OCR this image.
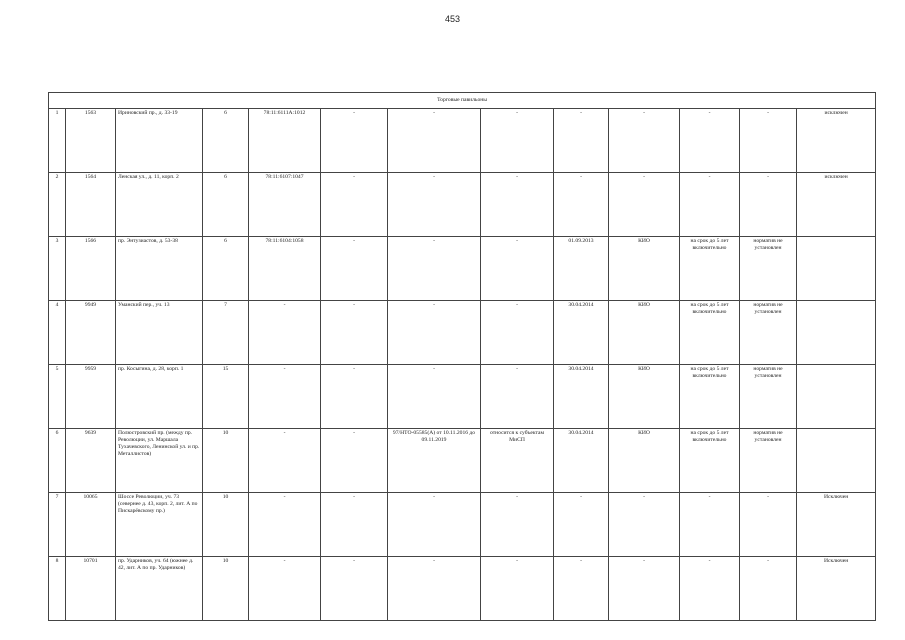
453
Торговые павильоны												
1	1563	Ириновский пр., д. 33-19	6	78:11:6111А:1012	-	-	-	-	-	-	-	исключен
2	1564	Ленская ул., д. 11, корп. 2	6	78:11:6107:1047	-	-	-	-	-	-	-	исключен
3	1566	пр. Энтузиастов, д. 53-38	6	78:11:6104:1058	-	-	-	01.09.2013	КИО	на срок до 5 лет включительно	норматив не установлен	
4	9949	Уманский пер., уч. 13	7	-	-	-	-	30.04.2014	КИО	на срок до 5 лет включительно	норматив не установлен	
5	9959	пр. Косыгина, д. 28, корп. 1	15	-	-	-	-	30.04.2014	КИО	на срок до 5 лет включительно	норматив не установлен	
6	9639	Полюстровский пр. (между пр. Революции, ул. Маршала Тухачевского, Ленинской ул. и пр. Металлистов)	10	-	-	97/НТО-05585(А) от 10.11.2016 до 09.11.2019	относится к субъектам МиСП	30.04.2014	КИО	на срок до 5 лет включительно	норматив не установлен	
7	10065	Шоссе Революции, уч. 73 (севернее д. 43, корп. 2, лит. А по Пискарёвскому пр.)	10	-	-	-	-	-	-	-	-	Исключен
8	10701	пр. Ударников, уч. 64 (южнее д. 42, лит. А по пр. Ударников)	10	-	-	-	-	-	-	-	-	Исключен
